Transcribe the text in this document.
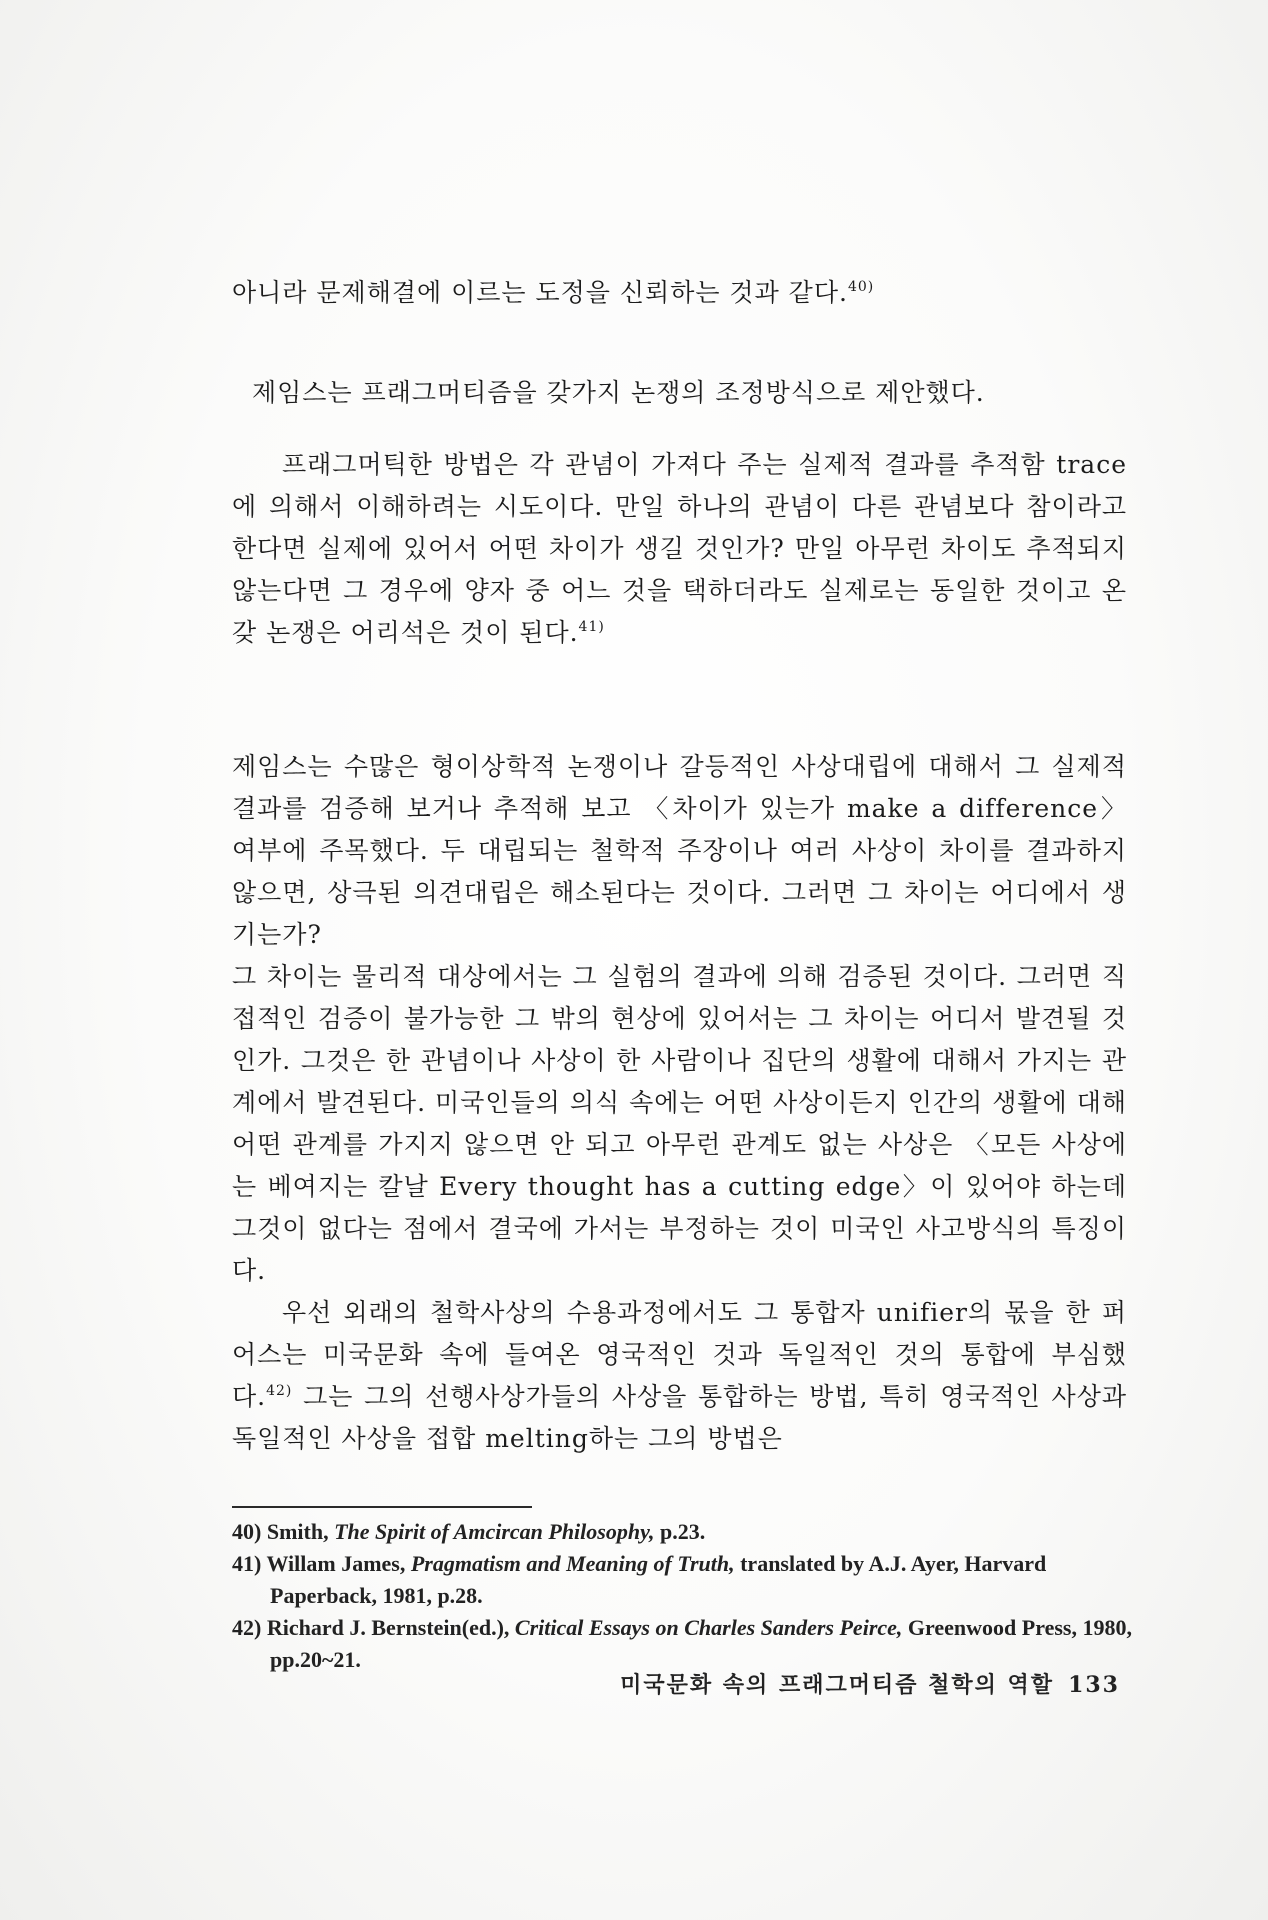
아니라 문제해결에 이르는 도정을 신뢰하는 것과 같다.$^{40)}$
제임스는 프래그머티즘을 갖가지 논쟁의 조정방식으로 제안했다.
프래그머틱한 방법은 각 관념이 가져다 주는 실제적 결과를 추적함 trace에 의해서 이해하려는 시도이다. 만일 하나의 관념이 다른 관념보다 참이라고 한다면 실제에 있어서 어떤 차이가 생길 것인가? 만일 아무런 차이도 추적되지 않는다면 그 경우에 양자 중 어느 것을 택하더라도 실제로는 동일한 것이고 온갖 논쟁은 어리석은 것이 된다.$^{41)}$
제임스는 수많은 형이상학적 논쟁이나 갈등적인 사상대립에 대해서 그 실제적 결과를 검증해 보거나 추적해 보고 〈차이가 있는가 make a difference〉 여부에 주목했다. 두 대립되는 철학적 주장이나 여러 사상이 차이를 결과하지 않으면, 상극된 의견대립은 해소된다는 것이다. 그러면 그 차이는 어디에서 생기는가?
그 차이는 물리적 대상에서는 그 실험의 결과에 의해 검증된 것이다. 그러면 직접적인 검증이 불가능한 그 밖의 현상에 있어서는 그 차이는 어디서 발견될 것인가. 그것은 한 관념이나 사상이 한 사람이나 집단의 생활에 대해서 가지는 관계에서 발견된다. 미국인들의 의식 속에는 어떤 사상이든지 인간의 생활에 대해 어떤 관계를 가지지 않으면 안 되고 아무런 관계도 없는 사상은 〈모든 사상에는 베여지는 칼날 Every thought has a cutting edge〉이 있어야 하는데 그것이 없다는 점에서 결국에 가서는 부정하는 것이 미국인 사고방식의 특징이다.
우선 외래의 철학사상의 수용과정에서도 그 통합자 unifier의 몫을 한 퍼어스는 미국문화 속에 들여온 영국적인 것과 독일적인 것의 통합에 부심했다.$^{42)}$ 그는 그의 선행사상가들의 사상을 통합하는 방법, 특히 영국적인 사상과 독일적인 사상을 접합 melting하는 그의 방법은
40) Smith, The Spirit of Amcircan Philosophy, p.23.
41) Willam James, Pragmatism and Meaning of Truth, translated by A.J. Ayer, Harvard Paperback, 1981, p.28.
42) Richard J. Bernstein(ed.), Critical Essays on Charles Sanders Peirce, Greenwood Press, 1980, pp.20~21.
미국문화 속의 프래그머티즘 철학의 역할 133
